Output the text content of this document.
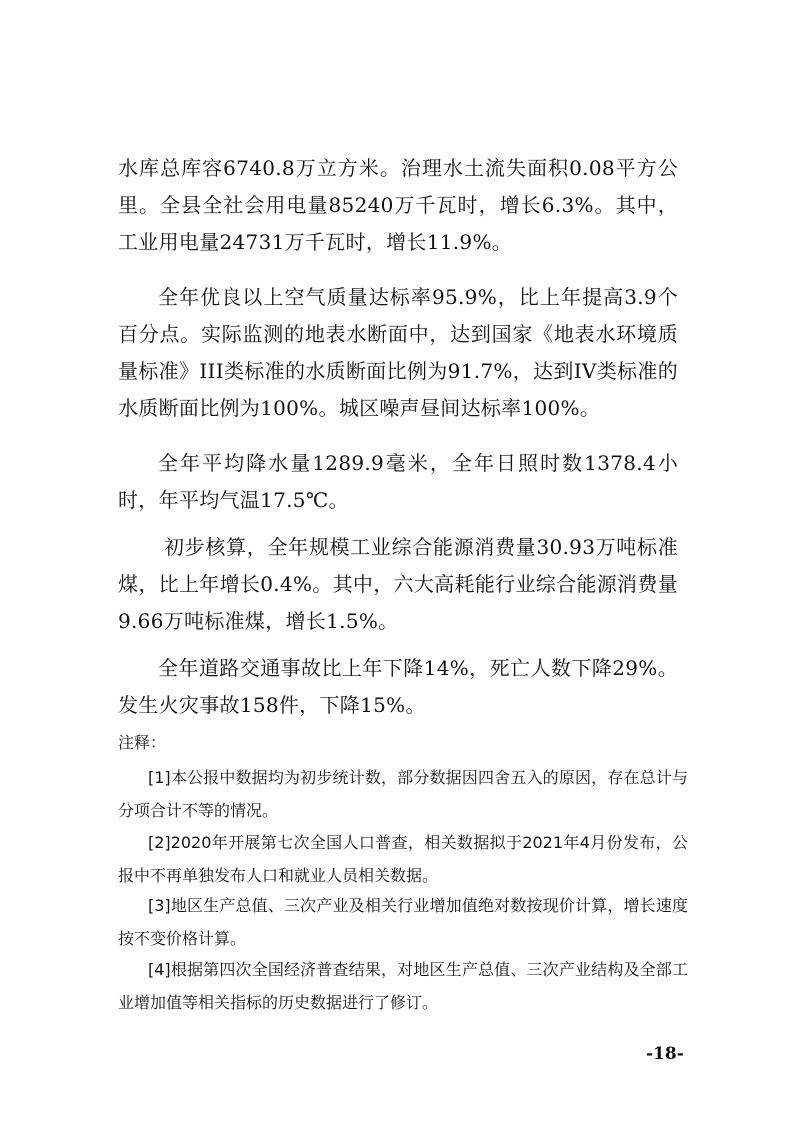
水库总库容6740.8万立方米。治理水土流失面积0.08平方公里。全县全社会用电量85240万千瓦时，增长6.3%。其中，工业用电量24731万千瓦时，增长11.9%。

全年优良以上空气质量达标率95.9%，比上年提高3.9个百分点。实际监测的地表水断面中，达到国家《地表水环境质量标准》III类标准的水质断面比例为91.7%，达到IV类标准的水质断面比例为100%。城区噪声昼间达标率100%。

全年平均降水量1289.9毫米，全年日照时数1378.4小时，年平均气温17.5℃。

初步核算，全年规模工业综合能源消费量30.93万吨标准煤，比上年增长0.4%。其中，六大高耗能行业综合能源消费量9.66万吨标准煤，增长1.5%。

全年道路交通事故比上年下降14%，死亡人数下降29%。发生火灾事故158件，下降15%。

注释：

[1]本公报中数据均为初步统计数，部分数据因四舍五入的原因，存在总计与分项合计不等的情况。

[2]2020年开展第七次全国人口普查，相关数据拟于2021年4月份发布，公报中不再单独发布人口和就业人员相关数据。

[3]地区生产总值、三次产业及相关行业增加值绝对数按现价计算，增长速度按不变价格计算。

[4]根据第四次全国经济普查结果，对地区生产总值、三次产业结构及全部工业增加值等相关指标的历史数据进行了修订。

-18-
